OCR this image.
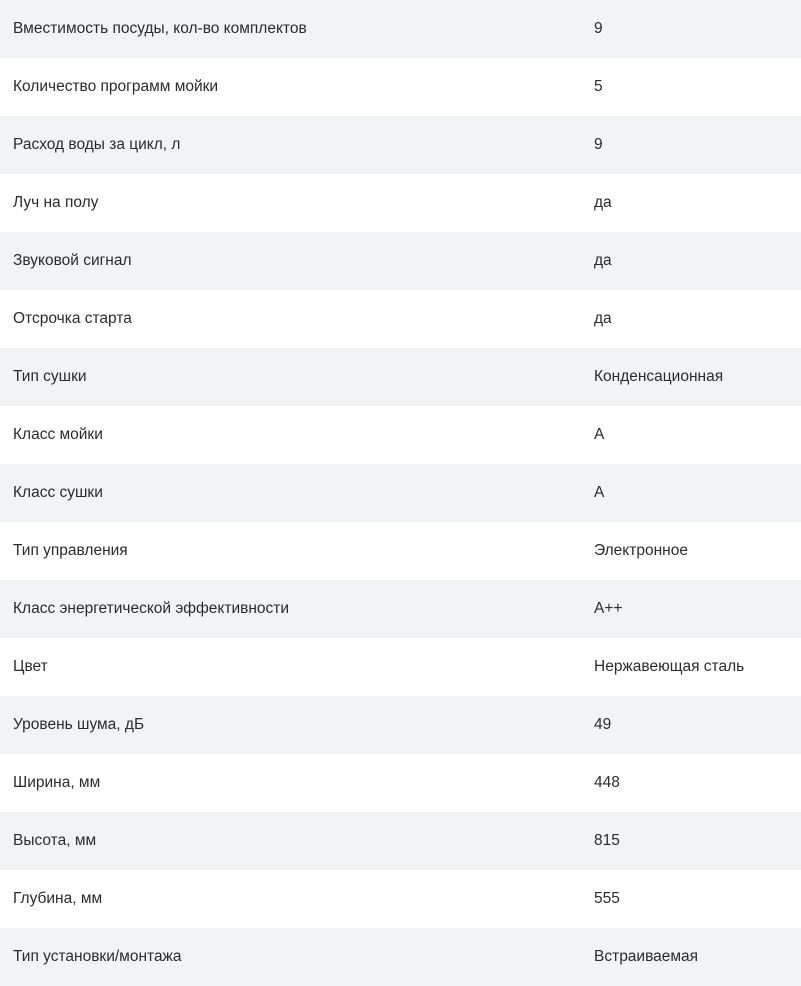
Вместимость посуды, кол-во комплектов	9
Количество программ мойки	5
Расход воды за цикл, л	9
Луч на полу	да
Звуковой сигнал	да
Отсрочка старта	да
Тип сушки	Конденсационная
Класс мойки	A
Класс сушки	A
Тип управления	Электронное
Класс энергетической эффективности	A++
Цвет	Нержавеющая сталь
Уровень шума, дБ	49
Ширина, мм	448
Высота, мм	815
Глубина, мм	555
Тип установки/монтажа	Встраиваемая
